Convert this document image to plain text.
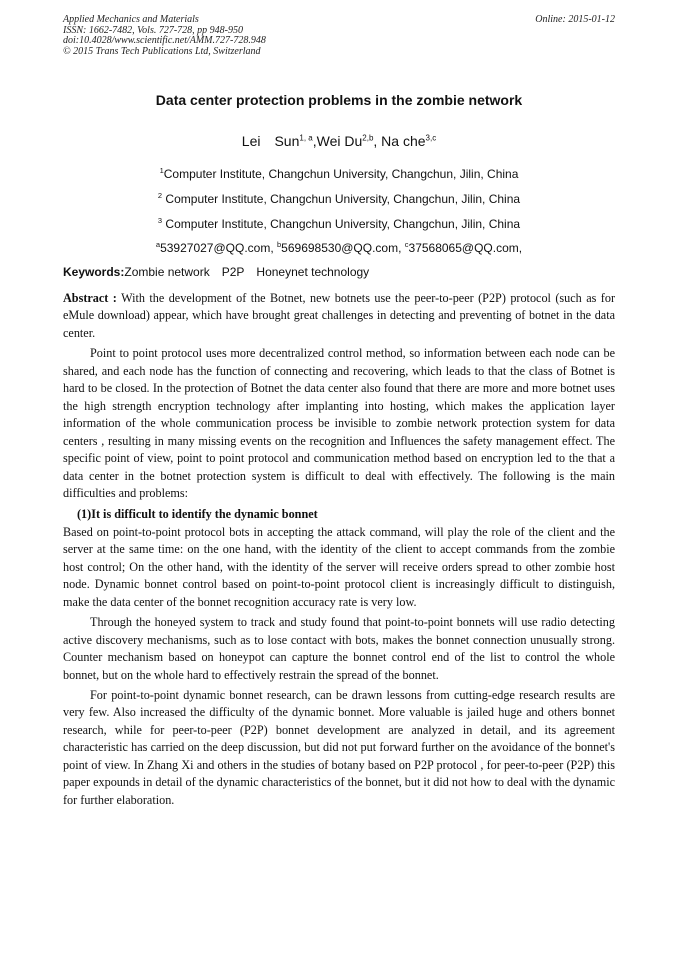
Applied Mechanics and Materials
ISSN: 1662-7482, Vols. 727-728, pp 948-950
doi:10.4028/www.scientific.net/AMM.727-728.948
© 2015 Trans Tech Publications Ltd, Switzerland
Online: 2015-01-12
Data center protection problems in the zombie network
Lei Sun$^{1, a}$,Wei Du$^{2,b}$, Na che$^{3,c}$
$^1$Computer Institute, Changchun University, Changchun, Jilin, China
$^2$ Computer Institute, Changchun University, Changchun, Jilin, China
$^3$ Computer Institute, Changchun University, Changchun, Jilin, China
$^a$53927027@QQ.com, $^b$569698530@QQ.com, $^c$37568065@QQ.com,
Keywords:Zombie network P2P Honeynet technology

Abstract : With the development of the Botnet, new botnets use the peer-to-peer (P2P) protocol (such as for eMule download) appear, which have brought great challenges in detecting and preventing of botnet in the data center.

Point to point protocol uses more decentralized control method, so information between each node can be shared, and each node has the function of connecting and recovering, which leads to that the class of Botnet is hard to be closed. In the protection of Botnet the data center also found that there are more and more botnet uses the high strength encryption technology after implanting into hosting, which makes the application layer information of the whole communication process be invisible to zombie network protection system for data centers , resulting in many missing events on the recognition and Influences the safety management effect. The specific point of view, point to point protocol and communication method based on encryption led to the that a data center in the botnet protection system is difficult to deal with effectively. The following is the main difficulties and problems:

(1)It is difficult to identify the dynamic bonnet

Based on point-to-point protocol bots in accepting the attack command, will play the role of the client and the server at the same time: on the one hand, with the identity of the client to accept commands from the zombie host control; On the other hand, with the identity of the server will receive orders spread to other zombie host node. Dynamic bonnet control based on point-to-point protocol client is increasingly difficult to distinguish, make the data center of the bonnet recognition accuracy rate is very low.

Through the honeyed system to track and study found that point-to-point bonnets will use radio detecting active discovery mechanisms, such as to lose contact with bots, makes the bonnet connection unusually strong. Counter mechanism based on honeypot can capture the bonnet control end of the list to control the whole bonnet, but on the whole hard to effectively restrain the spread of the bonnet.

For point-to-point dynamic bonnet research, can be drawn lessons from cutting-edge research results are very few. Also increased the difficulty of the dynamic bonnet. More valuable is jailed huge and others bonnet research, while for peer-to-peer (P2P) bonnet development are analyzed in detail, and its agreement characteristic has carried on the deep discussion, but did not put forward further on the avoidance of the bonnet's point of view. In Zhang Xi and others in the studies of botany based on P2P protocol , for peer-to-peer (P2P) this paper expounds in detail of the dynamic characteristics of the bonnet, but it did not how to deal with the dynamic for further elaboration.
